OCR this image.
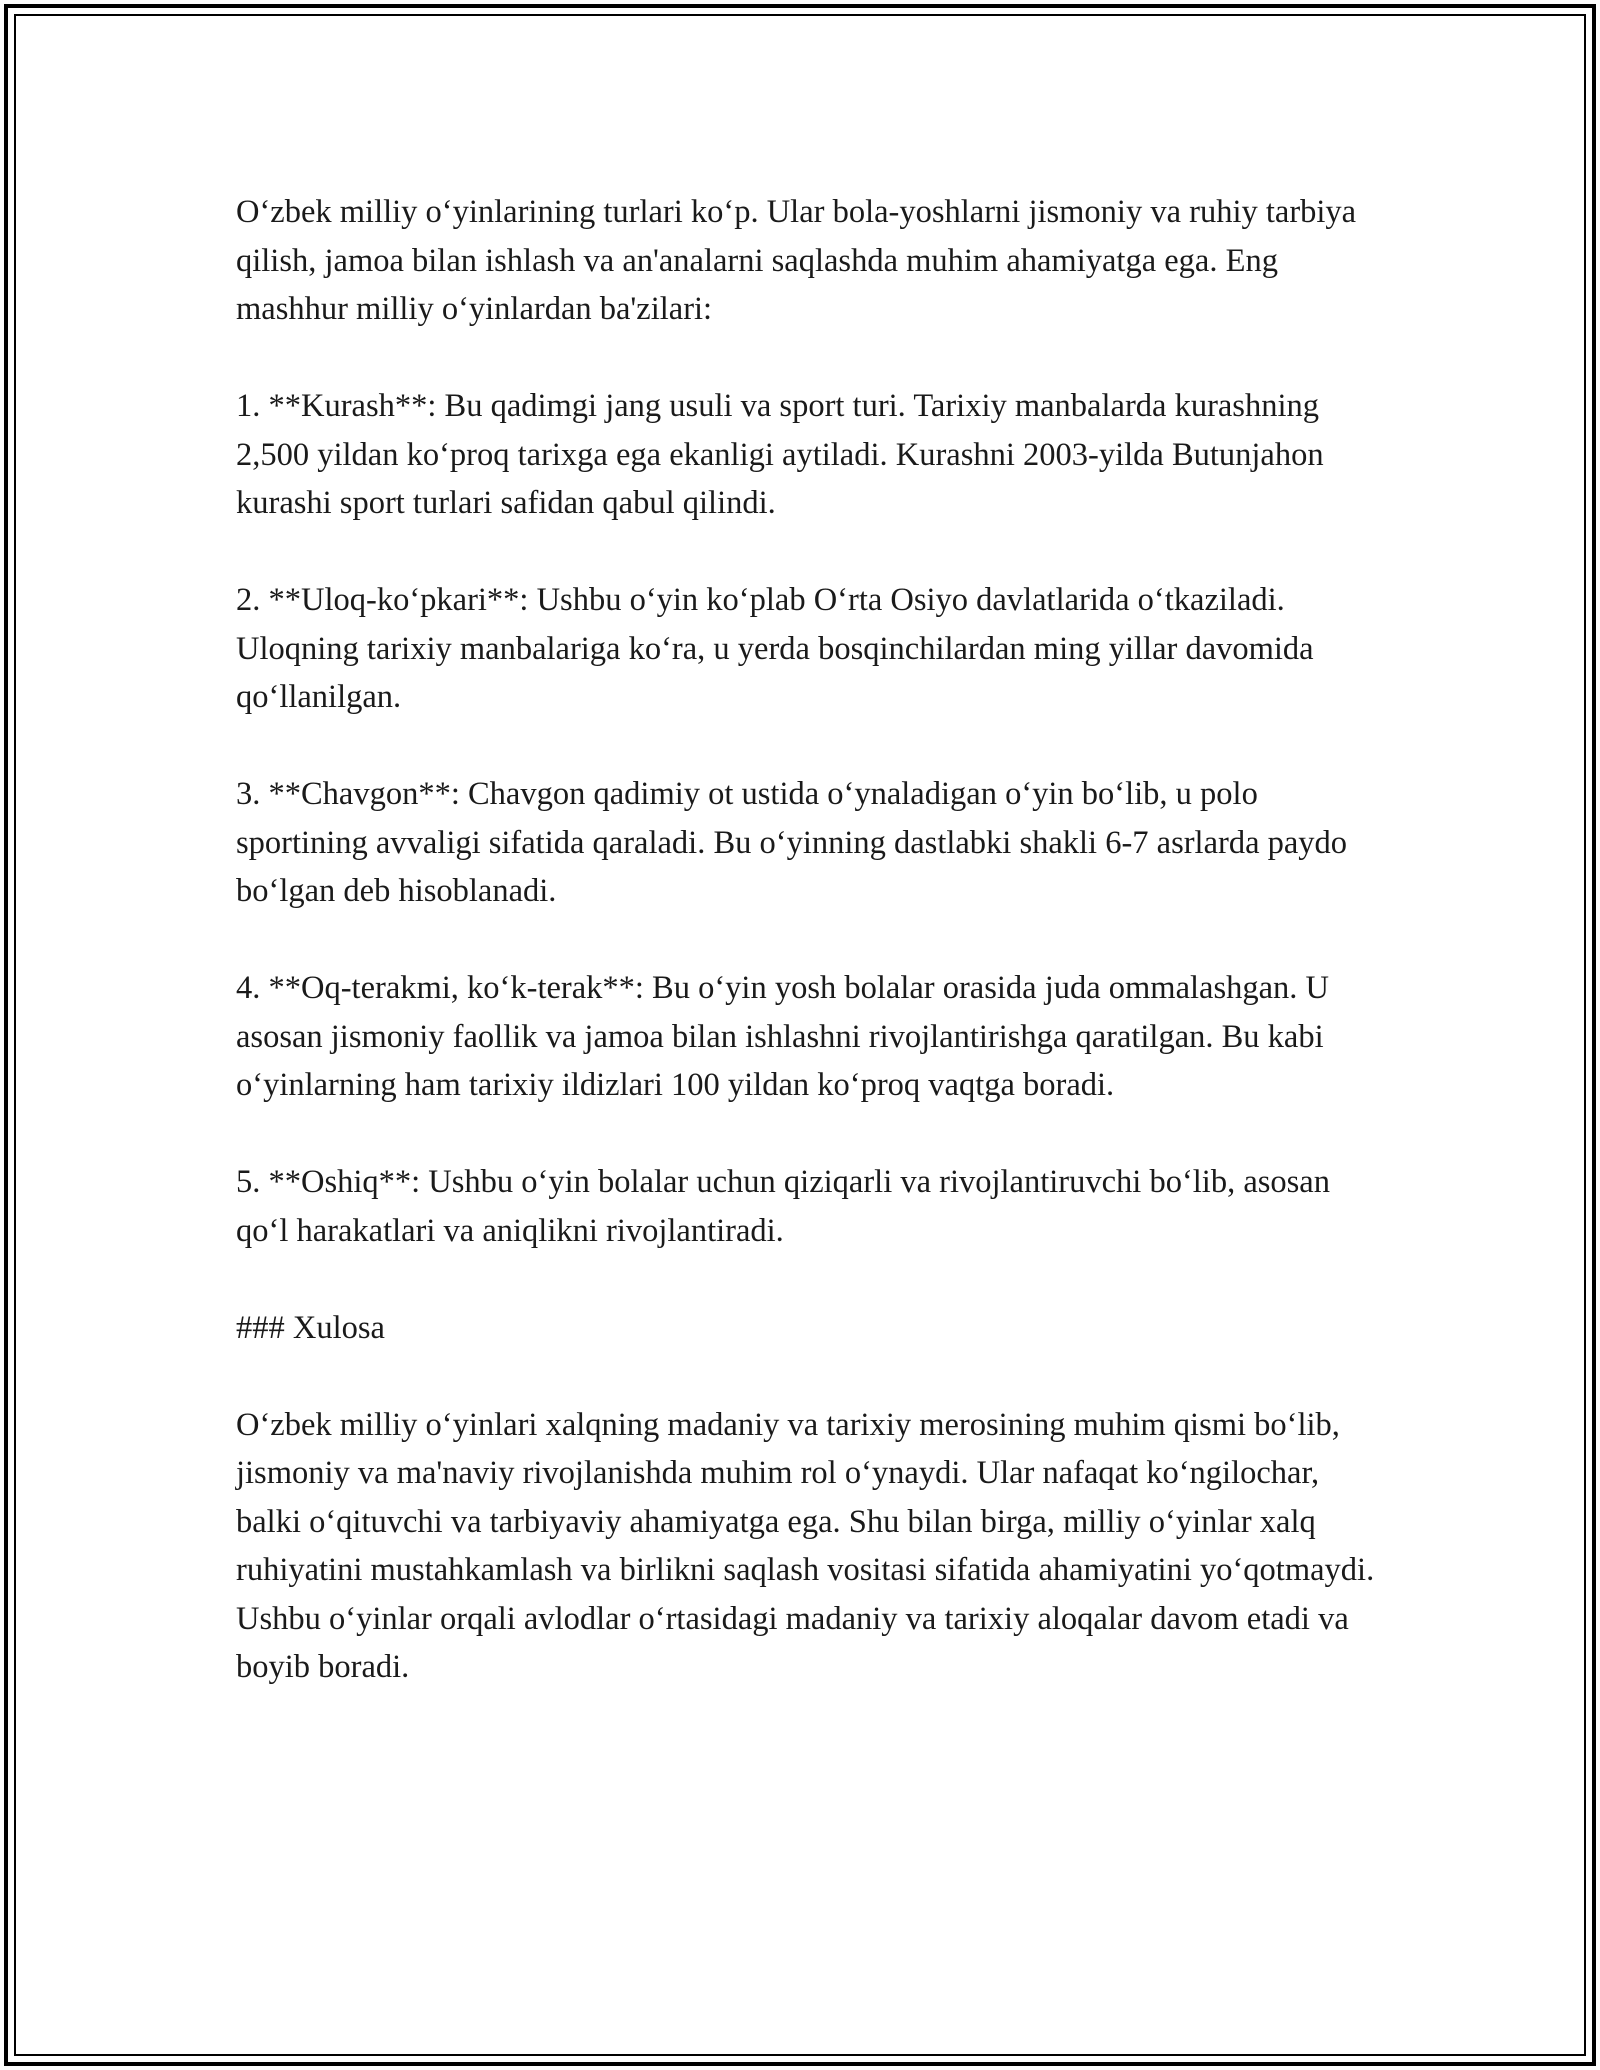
O‘zbek milliy o‘yinlarining turlari ko‘p. Ular bola-yoshlarni jismoniy va ruhiy tarbiya qilish, jamoa bilan ishlash va an'analarni saqlashda muhim ahamiyatga ega. Eng mashhur milliy o‘yinlardan ba'zilari:

1. **Kurash**: Bu qadimgi jang usuli va sport turi. Tarixiy manbalarda kurashning 2,500 yildan ko‘proq tarixga ega ekanligi aytiladi. Kurashni 2003-yilda Butunjahon kurashi sport turlari safidan qabul qilindi.

2. **Uloq-ko‘pkari**: Ushbu o‘yin ko‘plab O‘rta Osiyo davlatlarida o‘tkaziladi. Uloqning tarixiy manbalariga ko‘ra, u yerda bosqinchilardan ming yillar davomida qo‘llanilgan.

3. **Chavgon**: Chavgon qadimiy ot ustida o‘ynaladigan o‘yin bo‘lib, u polo sportining avvaligi sifatida qaraladi. Bu o‘yinning dastlabki shakli 6-7 asrlarda paydo bo‘lgan deb hisoblanadi.

4. **Oq-terakmi, ko‘k-terak**: Bu o‘yin yosh bolalar orasida juda ommalashgan. U asosan jismoniy faollik va jamoa bilan ishlashni rivojlantirishga qaratilgan. Bu kabi o‘yinlarning ham tarixiy ildizlari 100 yildan ko‘proq vaqtga boradi.

5. **Oshiq**: Ushbu o‘yin bolalar uchun qiziqarli va rivojlantiruvchi bo‘lib, asosan qo‘l harakatlari va aniqlikni rivojlantiradi.

### Xulosa

O‘zbek milliy o‘yinlari xalqning madaniy va tarixiy merosining muhim qismi bo‘lib, jismoniy va ma'naviy rivojlanishda muhim rol o‘ynaydi. Ular nafaqat ko‘ngilochar, balki o‘qituvchi va tarbiyaviy ahamiyatga ega. Shu bilan birga, milliy o‘yinlar xalq ruhiyatini mustahkamlash va birlikni saqlash vositasi sifatida ahamiyatini yo‘qotmaydi. Ushbu o‘yinlar orqali avlodlar o‘rtasidagi madaniy va tarixiy aloqalar davom etadi va boyib boradi.
